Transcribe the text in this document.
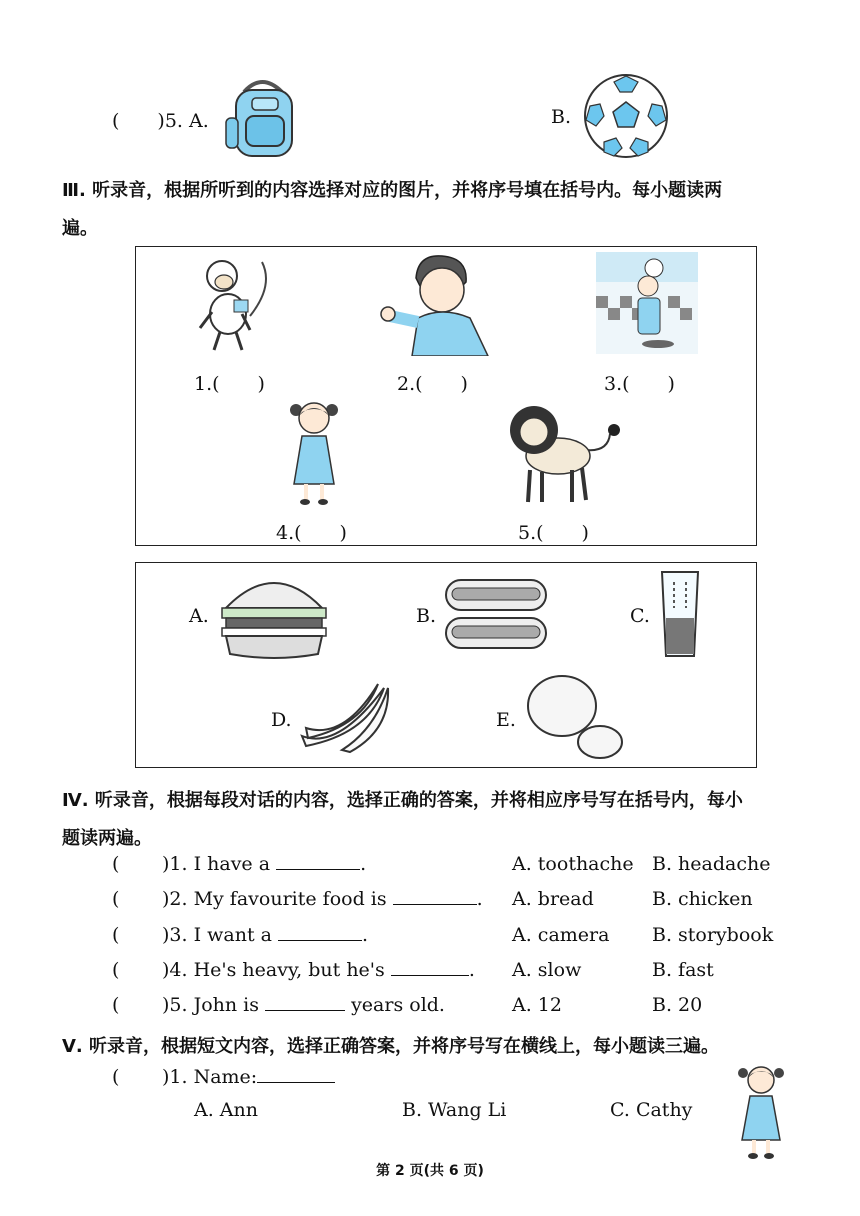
(　　)5. A.	B.
Ⅲ. 听录音，根据所听到的内容选择对应的图片，并将序号填在括号内。每小题读两
遍。
1.(　　)	2.(　　)	3.(　　)
4.(　　)	5.(　　)
A.	B.	C.
D.	E.
Ⅳ. 听录音，根据每段对话的内容，选择正确的答案，并将相应序号写在括号内，每小
题读两遍。
( )1. I have a	.	A. toothache B. headache
( )2. My favourite food is	. A. bread	B. chicken
( )3. I want a	.	A. camera B. storybook
( )4. He's heavy, but he's	. A. slow	B. fast
( )5. John is	years old.	A. 12	B. 20
Ⅴ. 听录音，根据短文内容，选择正确答案，并将序号写在横线上，每小题读三遍。
( )1. Name:
A. Ann	B. Wang Li	C. Cathy
第 2 页(共 6 页)
